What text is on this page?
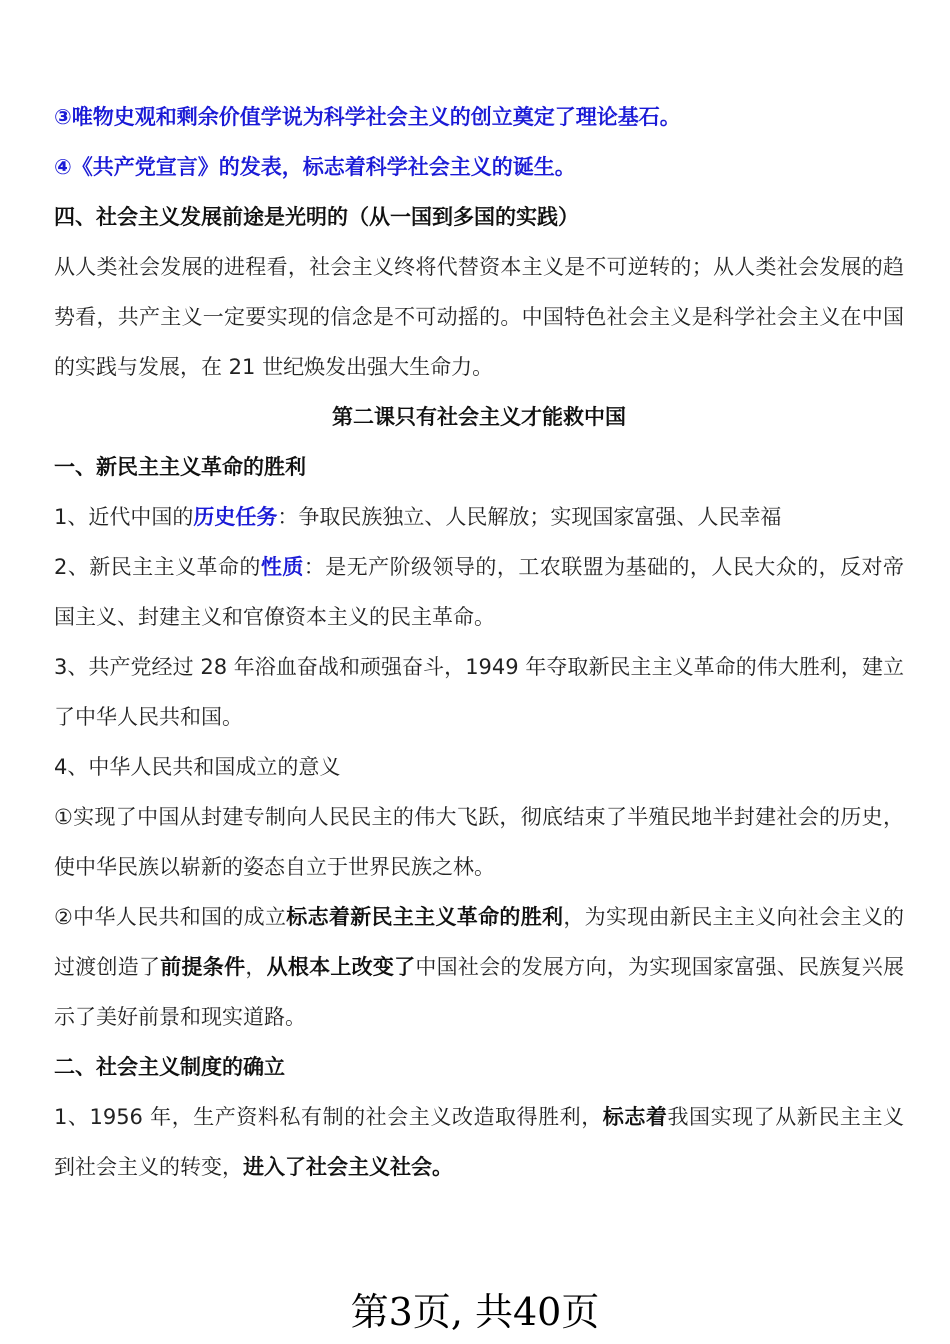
③唯物史观和剩余价值学说为科学社会主义的创立奠定了理论基石。
④《共产党宣言》的发表，标志着科学社会主义的诞生。
四、社会主义发展前途是光明的（从一国到多国的实践）
从人类社会发展的进程看，社会主义终将代替资本主义是不可逆转的；从人类社会发展的趋势看，共产主义一定要实现的信念是不可动摇的。中国特色社会主义是科学社会主义在中国的实践与发展，在 21 世纪焕发出强大生命力。
第二课只有社会主义才能救中国
一、新民主主义革命的胜利
1、近代中国的历史任务：争取民族独立、人民解放；实现国家富强、人民幸福
2、新民主主义革命的性质：是无产阶级领导的，工农联盟为基础的，人民大众的，反对帝国主义、封建主义和官僚资本主义的民主革命。
3、共产党经过 28 年浴血奋战和顽强奋斗，1949 年夺取新民主主义革命的伟大胜利，建立了中华人民共和国。
4、中华人民共和国成立的意义
①实现了中国从封建专制向人民民主的伟大飞跃，彻底结束了半殖民地半封建社会的历史，使中华民族以崭新的姿态自立于世界民族之林。
②中华人民共和国的成立标志着新民主主义革命的胜利，为实现由新民主主义向社会主义的过渡创造了前提条件，从根本上改变了中国社会的发展方向，为实现国家富强、民族复兴展示了美好前景和现实道路。
二、社会主义制度的确立
1、1956 年，生产资料私有制的社会主义改造取得胜利，标志着我国实现了从新民主主义到社会主义的转变，进入了社会主义社会。
第3页, 共40页
